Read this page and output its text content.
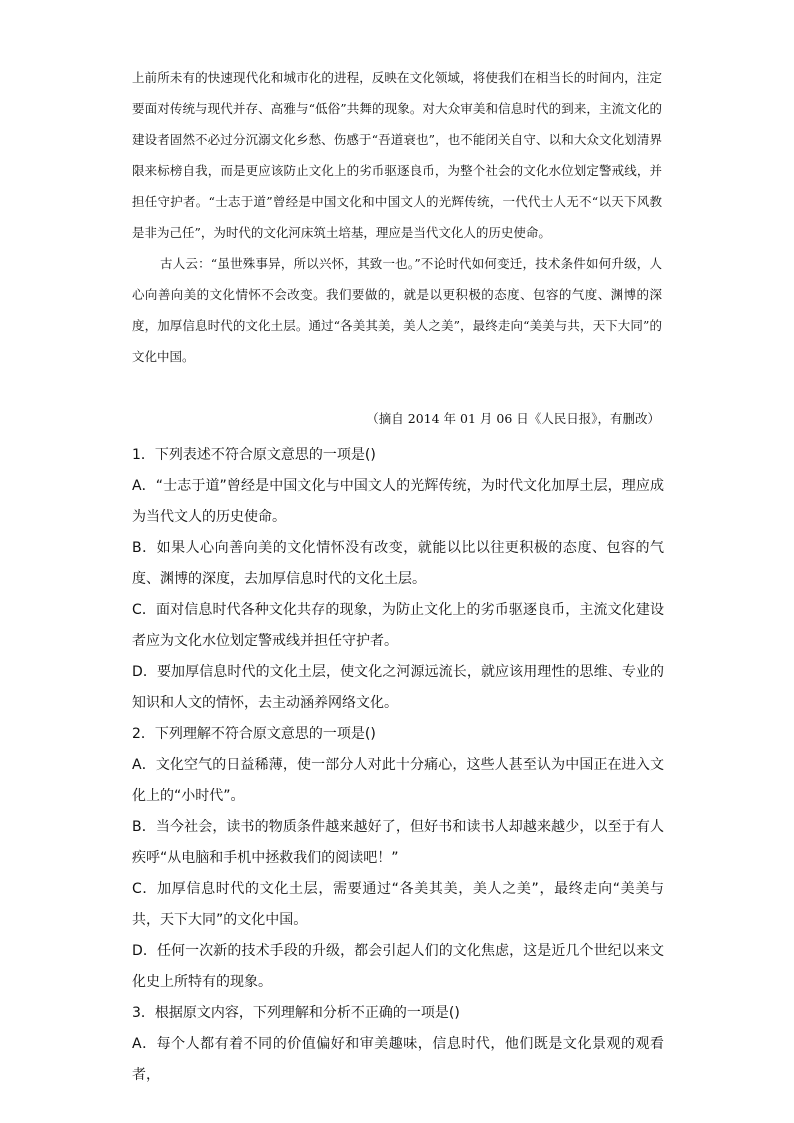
上前所未有的快速现代化和城市化的进程，反映在文化领域，将使我们在相当长的时间内，注定要面对传统与现代并存、高雅与“低俗”共舞的现象。对大众审美和信息时代的到来，主流文化的建设者固然不必过分沉溺文化乡愁、伤感于“吾道衰也”，也不能闭关自守、以和大众文化划清界限来标榜自我，而是更应该防止文化上的劣币驱逐良币，为整个社会的文化水位划定警戒线，并担任守护者。“士志于道”曾经是中国文化和中国文人的光辉传统，一代代士人无不“以天下风教是非为己任”，为时代的文化河床筑土培基，理应是当代文化人的历史使命。

古人云：“虽世殊事异，所以兴怀，其致一也。”不论时代如何变迁，技术条件如何升级，人心向善向美的文化情怀不会改变。我们要做的，就是以更积极的态度、包容的气度、渊博的深度，加厚信息时代的文化土层。通过“各美其美，美人之美”，最终走向“美美与共，天下大同”的文化中国。

（摘自 2014 年 01 月 06 日《人民日报》，有删改）

1．下列表述不符合原文意思的一项是()

A．“士志于道”曾经是中国文化与中国文人的光辉传统，为时代文化加厚土层，理应成为当代文人的历史使命。

B．如果人心向善向美的文化情怀没有改变，就能以比以往更积极的态度、包容的气度、渊博的深度，去加厚信息时代的文化土层。

C．面对信息时代各种文化共存的现象，为防止文化上的劣币驱逐良币，主流文化建设者应为文化水位划定警戒线并担任守护者。

D．要加厚信息时代的文化土层，使文化之河源远流长，就应该用理性的思维、专业的知识和人文的情怀，去主动涵养网络文化。

2．下列理解不符合原文意思的一项是()

A．文化空气的日益稀薄，使一部分人对此十分痛心，这些人甚至认为中国正在进入文化上的“小时代”。

B．当今社会，读书的物质条件越来越好了，但好书和读书人却越来越少，以至于有人疾呼“从电脑和手机中拯救我们的阅读吧！”

C．加厚信息时代的文化土层，需要通过“各美其美，美人之美”，最终走向“美美与共，天下大同”的文化中国。

D．任何一次新的技术手段的升级，都会引起人们的文化焦虑，这是近几个世纪以来文化史上所特有的现象。

3．根据原文内容，下列理解和分析不正确的一项是()

A．每个人都有着不同的价值偏好和审美趣味，信息时代，他们既是文化景观的观看者，
